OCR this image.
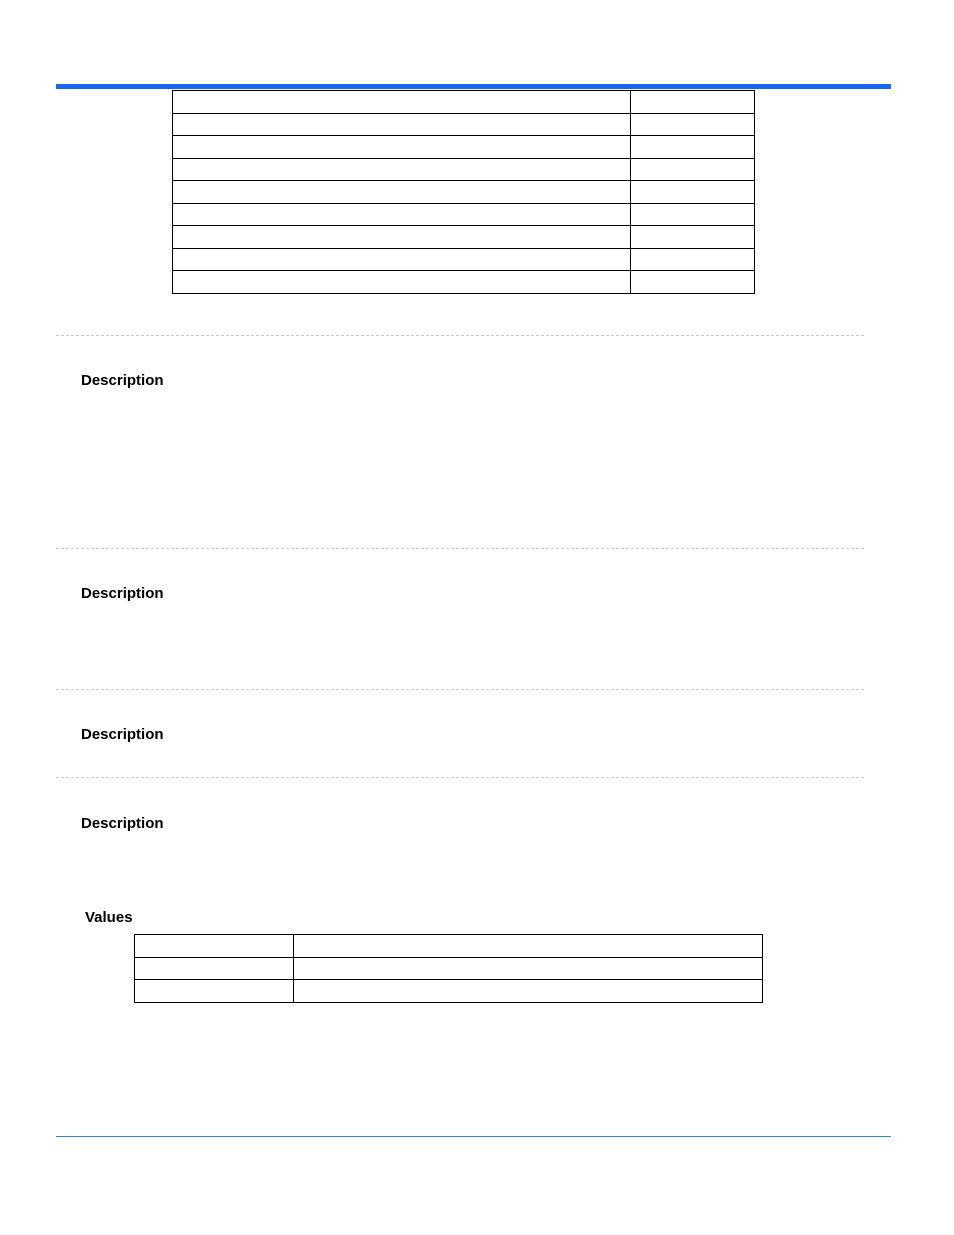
Description
Description
Description
Description
Values
